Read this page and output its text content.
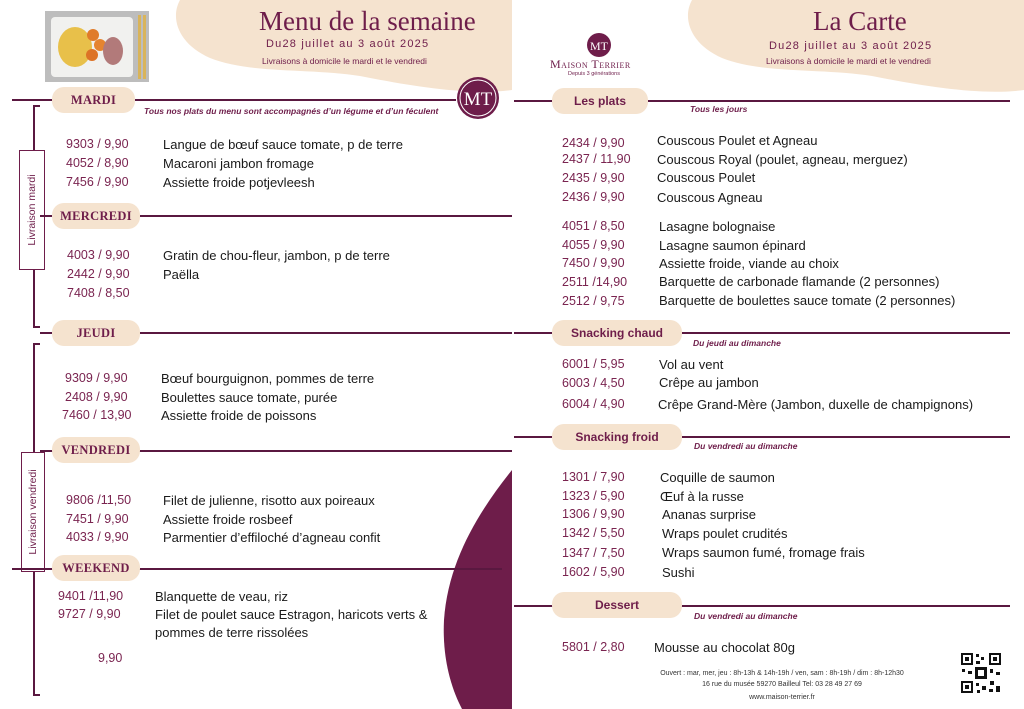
Menu de la semaine
Du28 juillet au 3 août 2025
Livraisons à domicile le mardi et le vendredi
MT
Livraison mardi
Livraison vendredi
MARDI
Tous nos plats du menu sont accompagnés d’un légume et d’un féculent
9303 / 9,90	Langue de bœuf sauce tomate, p de terre
4052 / 8,90	Macaroni jambon fromage
7456 / 9,90	Assiette froide potjevleesh
MERCREDI
4003 / 9,90	Gratin de chou-fleur, jambon, p de terre
2442 / 9,90	Paëlla
7408 / 8,50
JEUDI
9309 / 9,90	Bœuf bourguignon, pommes de terre
2408 / 9,90	Boulettes sauce tomate, purée
7460 / 13,90 Assiette froide de poissons
VENDREDI
9806 /11,50 Filet de julienne, risotto aux poireaux
7451 / 9,90	Assiette froide rosbeef
4033 / 9,90	Parmentier d’effiloché d’agneau confit
WEEKEND
9401 /11,90 Blanquette de veau, riz
9727 / 9,90	Filet de poulet sauce Estragon, haricots verts &
pommes de terre rissolées
9,90
MT
Maison Terrier
Depuis 3 générations
La Carte
Du28 juillet au 3 août 2025
Livraisons à domicile le mardi et le vendredi
Les plats
Tous les jours
2434 / 9,90 Couscous Poulet et Agneau
2437 / 11,90 Couscous Royal (poulet, agneau, merguez)
2435 / 9,90 Couscous Poulet
2436 / 9,90 Couscous Agneau
4051 / 8,50	Lasagne bolognaise
4055 / 9,90	Lasagne saumon épinard
7450 / 9,90	Assiette froide, viande au choix
2511 /14,90 Barquette de carbonade flamande (2 personnes)
2512 / 9,75	Barquette de boulettes sauce tomate (2 personnes)
Snacking chaud
Du jeudi au dimanche
6001 / 5,95	Vol au vent
6003 / 4,50	Crêpe au jambon
6004 / 4,90	Crêpe Grand-Mère (Jambon, duxelle de champignons)
Snacking froid
Du vendredi au dimanche
1301 / 7,90	Coquille de saumon
1323 / 5,90	Œuf à la russe
1306 / 9,90	Ananas surprise
1342 / 5,50	Wraps poulet crudités
1347 / 7,50	Wraps saumon fumé, fromage frais
1602 / 5,90	Sushi
Dessert
Du vendredi au dimanche
5801 / 2,80 Mousse au chocolat 80g
Ouvert : mar, mer, jeu : 8h-13h & 14h-19h / ven, sam : 8h-19h / dim : 8h-12h30
16 rue du musée 59270 Bailleul Tel: 03 28 49 27 69
www.maison-terrier.fr
